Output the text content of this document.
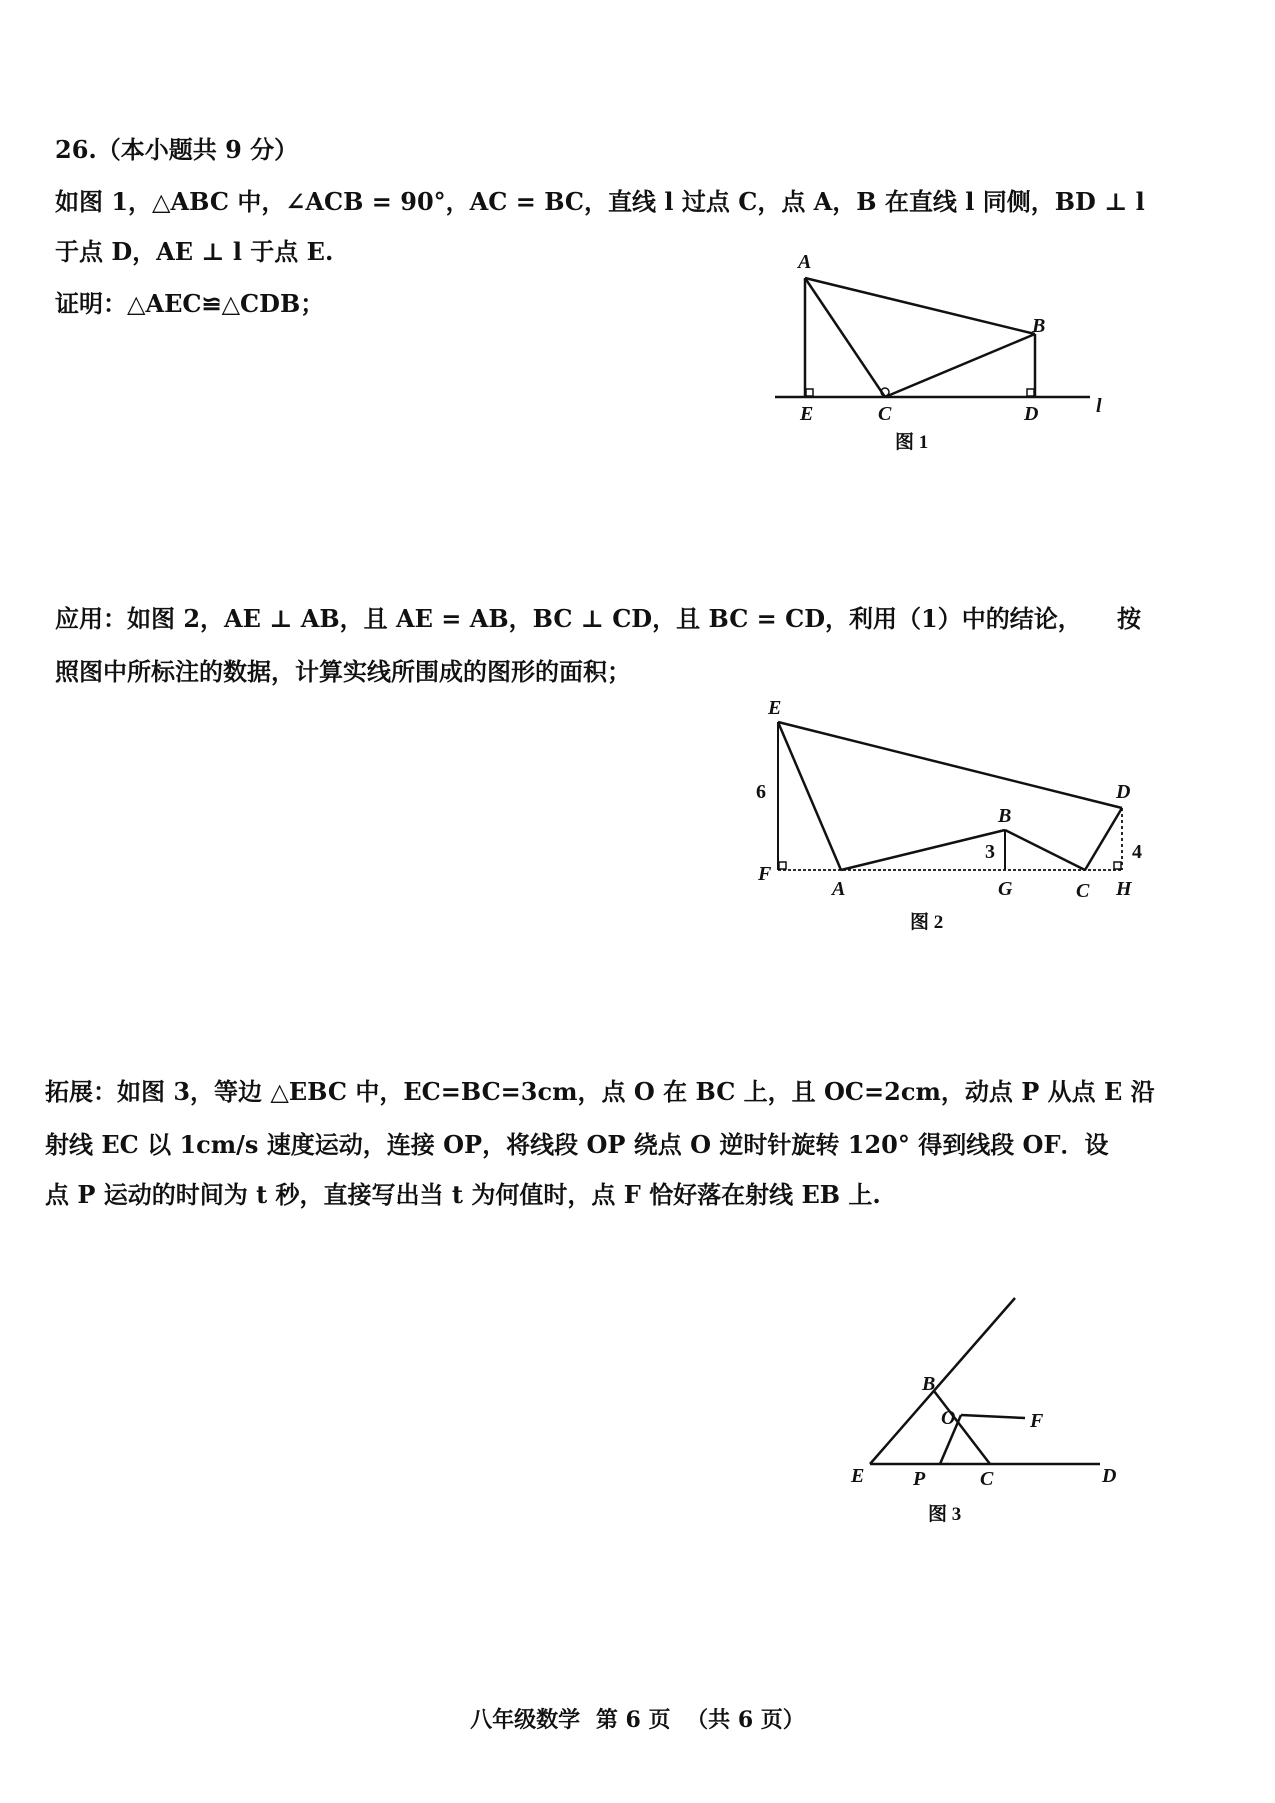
26.（本小题共 9 分）
如图 1，△ABC 中，∠ACB = 90°，AC = BC，直线 l 过点 C，点 A，B 在直线 l 同侧，BD ⊥ l
于点 D，AE ⊥ l 于点 E.
证明：△AEC≌△CDB；
A
B
C	D
E	l
图 1
应用：如图 2，AE ⊥ AB，且 AE = AB，BC ⊥ CD，且 BC = CD，利用（1）中的结论， 按
照图中所标注的数据，计算实线所围成的图形的面积；
E
D
B
F
A	G	C H
6
3	4
图 2
拓展：如图 3，等边 △EBC 中，EC=BC=3cm，点 O 在 BC 上，且 OC=2cm，动点 P 从点 E 沿
射线 EC 以 1cm/s 速度运动，连接 OP，将线段 OP 绕点 O 逆时针旋转 120° 得到线段 OF．设
点 P 运动的时间为 t 秒，直接写出当 t 为何值时，点 F 恰好落在射线 EB 上.
B
O	F
E P	C	D
图 3
八年级数学 第 6 页 （共 6 页）
